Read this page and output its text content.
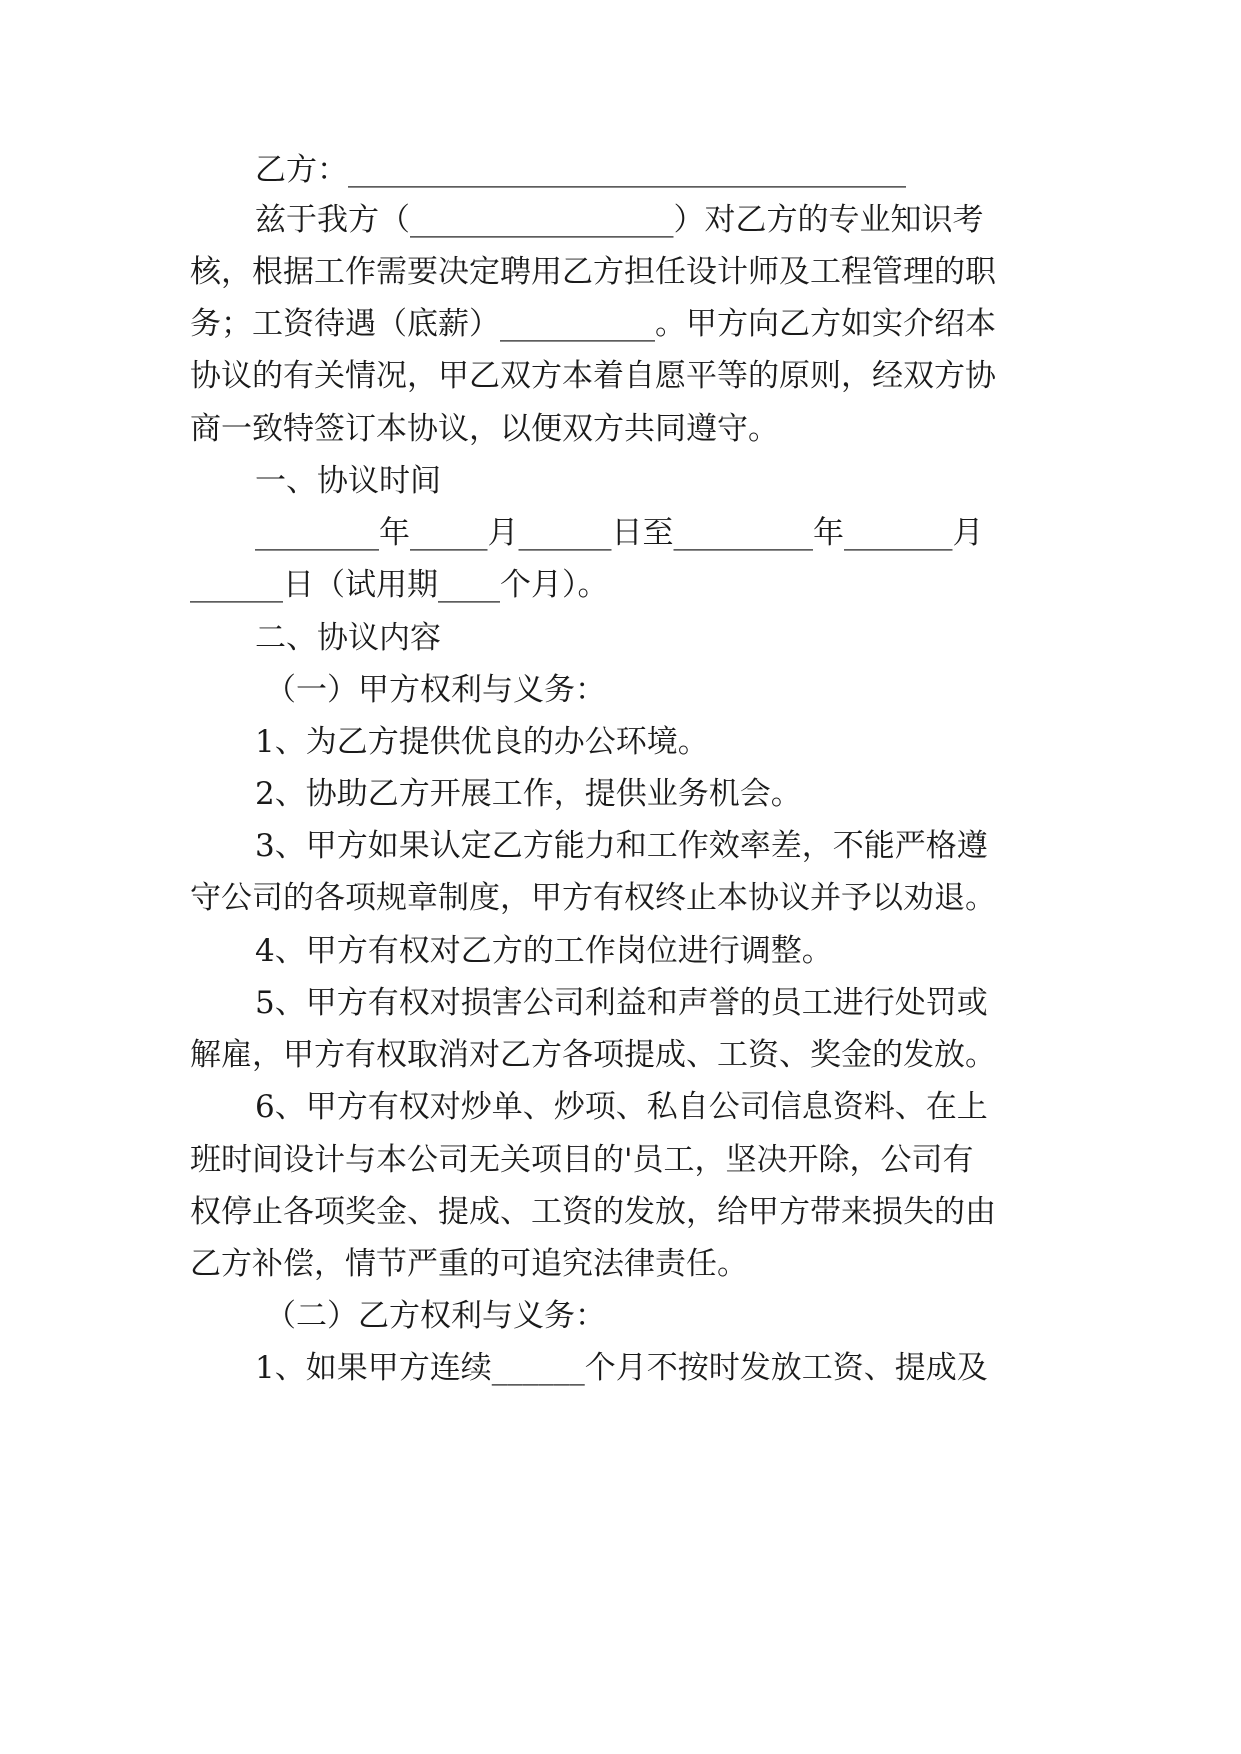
乙方：____________________________________
兹于我方（_________________）对乙方的专业知识考
核，根据工作需要决定聘用乙方担任设计师及工程管理的职
务；工资待遇（底薪）__________。甲方向乙方如实介绍本
协议的有关情况，甲乙双方本着自愿平等的原则，经双方协
商一致特签订本协议，以便双方共同遵守。
一、协议时间
________年_____月______日至_________年_______月
______日（试用期____个月）。
二、协议内容
（一）甲方权利与义务：
1、为乙方提供优良的办公环境。
2、协助乙方开展工作，提供业务机会。
3、甲方如果认定乙方能力和工作效率差，不能严格遵
守公司的各项规章制度，甲方有权终止本协议并予以劝退。
4、甲方有权对乙方的工作岗位进行调整。
5、甲方有权对损害公司利益和声誉的员工进行处罚或
解雇，甲方有权取消对乙方各项提成、工资、奖金的发放。
6、甲方有权对炒单、炒项、私自公司信息资料、在上
班时间设计与本公司无关项目的'员工，坚决开除，公司有
权停止各项奖金、提成、工资的发放，给甲方带来损失的由
乙方补偿，情节严重的可追究法律责任。
（二）乙方权利与义务：
1、如果甲方连续______个月不按时发放工资、提成及
